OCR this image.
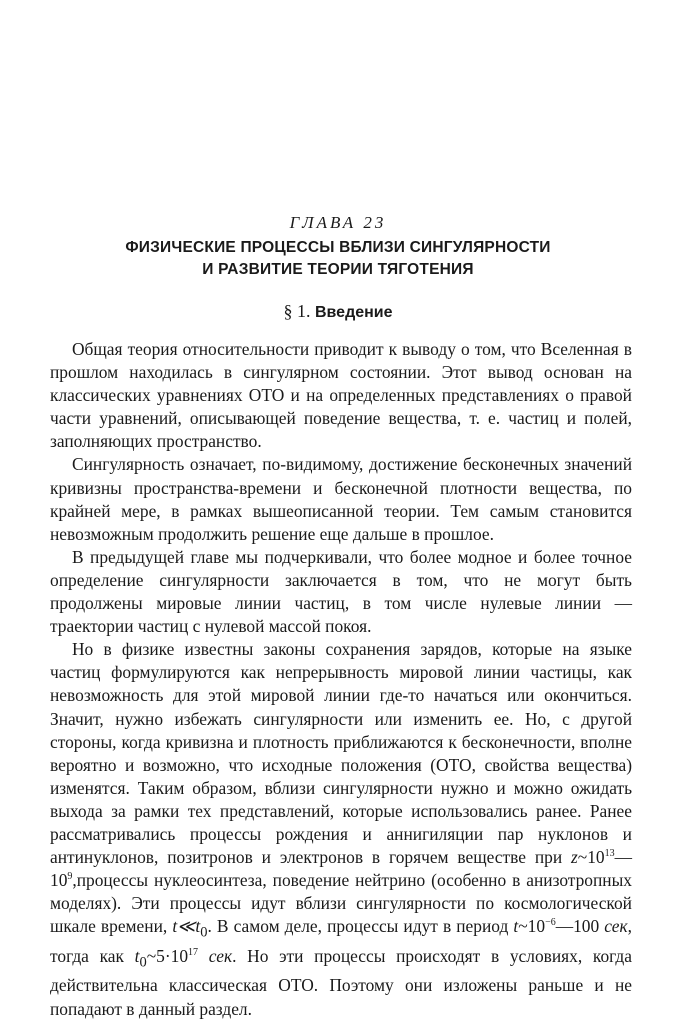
ГЛАВА 23
ФИЗИЧЕСКИЕ ПРОЦЕССЫ ВБЛИЗИ СИНГУЛЯРНОСТИ
И РАЗВИТИЕ ТЕОРИИ ТЯГОТЕНИЯ
§ 1. Введение

Общая теория относительности приводит к выводу о том, что Вселенная в прошлом находилась в сингулярном состоянии. Этот вывод основан на классических уравнениях ОТО и на определенных представлениях о правой части уравнений, описывающей поведение вещества, т. е. частиц и полей, заполняющих пространство.

Сингулярность означает, по-видимому, достижение бесконечных значений кривизны пространства-времени и бесконечной плотности вещества, по крайней мере, в рамках вышеописанной теории. Тем самым становится невозможным продолжить решение еще дальше в прошлое.

В предыдущей главе мы подчеркивали, что более модное и более точное определение сингулярности заключается в том, что не могут быть продолжены мировые линии частиц, в том числе нулевые линии — траектории частиц с нулевой массой покоя.

Но в физике известны законы сохранения зарядов, которые на языке частиц формулируются как непрерывность мировой линии частицы, как невозможность для этой мировой линии где-то начаться или окончиться. Значит, нужно избежать сингулярности или изменить ее. Но, с другой стороны, когда кривизна и плотность приближаются к бесконечности, вполне вероятно и возможно, что исходные положения (ОТО, свойства вещества) изменятся. Таким образом, вблизи сингулярности нужно и можно ожидать выхода за рамки тех представлений, которые использовались ранее. Ранее рассматривались процессы рождения и аннигиляции пар нуклонов и антинуклонов, позитронов и электронов в горячем веществе при $z\sim 10^{13}—10^9,процессы$ нуклеосинтеза, поведение нейтрино (особенно в анизотропных моделях). Эти процессы идут вблизи сингулярности по космологической шкале времени, $t≪t_0$. В самом деле, процессы идут в период $t\sim 10^{-6}—100$ сек, тогда как $t_0\sim 5\cdot 10^{17}$ сек. Но эти процессы происходят в условиях, когда действительна классическая ОТО. Поэтому они изложены раньше и не попадают в данный раздел.
